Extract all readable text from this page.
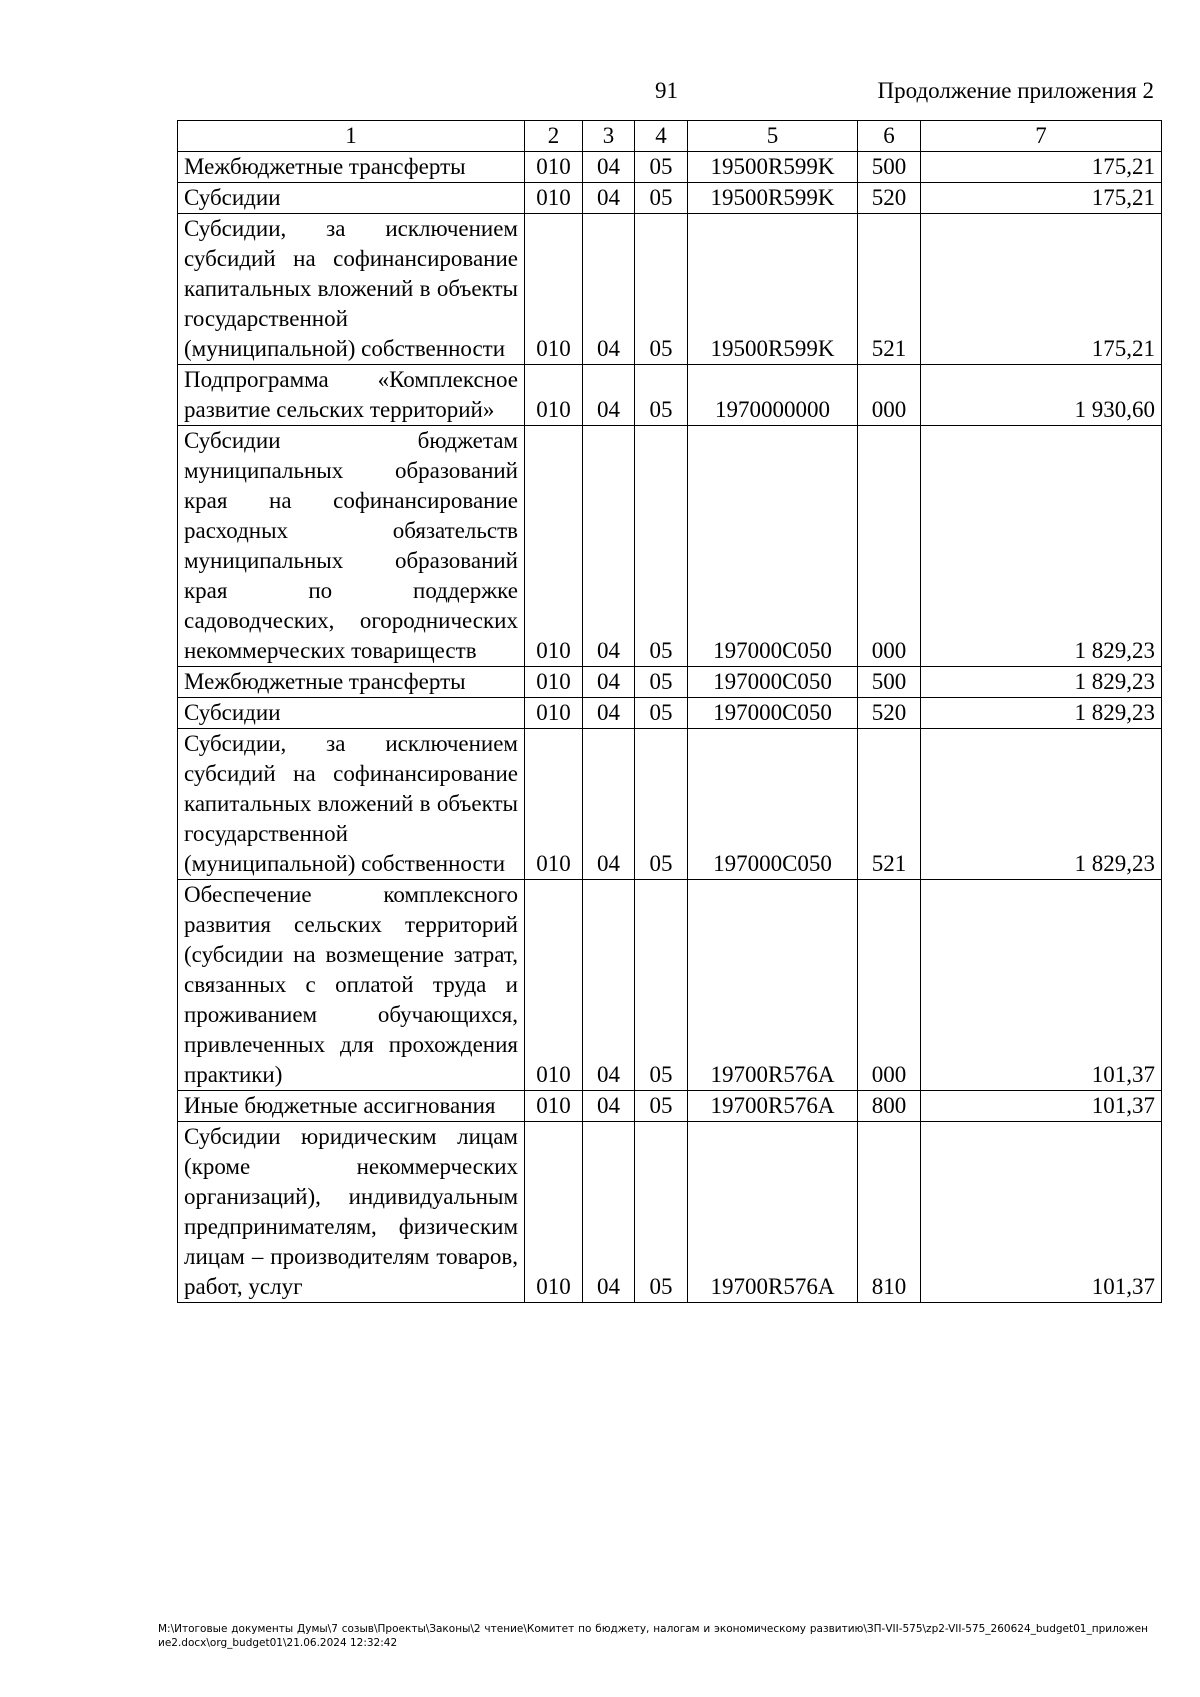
91	Продолжение приложения 2
1	2	3	4	5	6	7
Межбюджетные трансферты	010	04	05	19500R599K	500	175,21
Субсидии	010	04	05	19500R599K	520	175,21
Субсидии, за исключением субсидий на софинансирование капитальных вложений в объекты государственной (муниципальной) собственности	010	04	05	19500R599K	521	175,21
Подпрограмма «Комплексное развитие сельских территорий»	010	04	05	1970000000	000	1 930,60
Субсидии бюджетам муниципальных образований края на софинансирование расходных обязательств муниципальных образований края по поддержке садоводческих, огороднических некоммерческих товариществ	010	04	05	197000C050	000	1 829,23
Межбюджетные трансферты	010	04	05	197000C050	500	1 829,23
Субсидии	010	04	05	197000C050	520	1 829,23
Субсидии, за исключением субсидий на софинансирование капитальных вложений в объекты государственной (муниципальной) собственности	010	04	05	197000C050	521	1 829,23
Обеспечение комплексного развития сельских территорий (субсидии на возмещение затрат, связанных с оплатой труда и проживанием обучающихся, привлеченных для прохождения практики)	010	04	05	19700R576A	000	101,37
Иные бюджетные ассигнования	010	04	05	19700R576A	800	101,37
Субсидии юридическим лицам (кроме некоммерческих организаций), индивидуальным предпринимателям, физическим лицам – производителям товаров, работ, услуг	010	04	05	19700R576A	810	101,37
М:\Итоговые документы Думы\7 созыв\Проекты\Законы\2 чтение\Комитет по бюджету, налогам и экономическому развитию\ЗП-VII-575\zp2-VII-575_260624_budget01_приложение2.docx\org_budget01\21.06.2024 12:32:42
